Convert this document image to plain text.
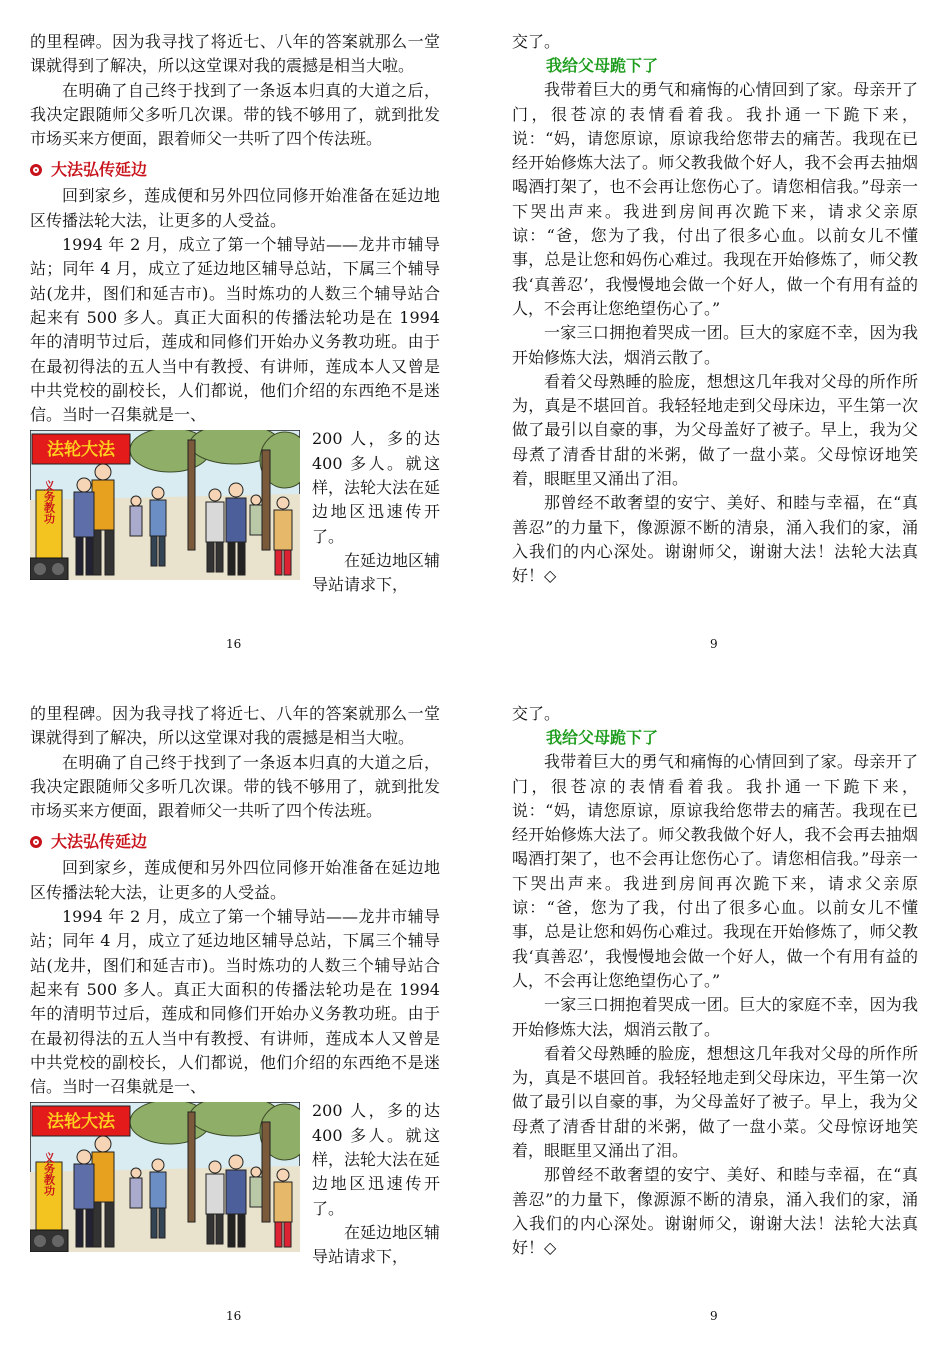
的里程碑。因为我寻找了将近七、八年的答案就那么一堂课就得到了解决，所以这堂课对我的震撼是相当大啦。

在明确了自己终于找到了一条返本归真的大道之后，我决定跟随师父多听几次课。带的钱不够用了，就到批发市场买来方便面，跟着师父一共听了四个传法班。

大法弘传延边

回到家乡，莲成便和另外四位同修开始准备在延边地区传播法轮大法，让更多的人受益。

1994 年 2 月，成立了第一个辅导站——龙井市辅导站；同年 4 月，成立了延边地区辅导总站，下属三个辅导站(龙井，图们和延吉市)。当时炼功的人数三个辅导站合起来有 500 多人。真正大面积的传播法轮功是在 1994 年的清明节过后，莲成和同修们开始办义务教功班。由于在最初得法的五人当中有教授、有讲师，莲成本人又曾是中共党校的副校长，人们都说，他们介绍的东西绝不是迷信。当时一召集就是一、

法轮大法
义务教功

200 人，多的达 400 多人。就这样，法轮大法在延边地区迅速传开了。

在延边地区辅导站请求下，

16

交了。

我给父母跪下了

我带着巨大的勇气和痛悔的心情回到了家。母亲开了门，很苍凉的表情看着我。我扑通一下跪下来，说：“妈，请您原谅，原谅我给您带去的痛苦。我现在已经开始修炼大法了。师父教我做个好人，我不会再去抽烟喝酒打架了，也不会再让您伤心了。请您相信我。”母亲一下哭出声来。我进到房间再次跪下来，请求父亲原谅：“爸，您为了我，付出了很多心血。以前女儿不懂事，总是让您和妈伤心难过。我现在开始修炼了，师父教我‘真善忍’，我慢慢地会做一个好人，做一个有用有益的人，不会再让您绝望伤心了。”

一家三口拥抱着哭成一团。巨大的家庭不幸，因为我开始修炼大法，烟消云散了。

看着父母熟睡的脸庞，想想这几年我对父母的所作所为，真是不堪回首。我轻轻地走到父母床边，平生第一次做了最引以自豪的事，为父母盖好了被子。早上，我为父母煮了清香甘甜的米粥，做了一盘小菜。父母惊讶地笑着，眼眶里又涌出了泪。

那曾经不敢奢望的安宁、美好、和睦与幸福，在“真善忍”的力量下，像源源不断的清泉，涌入我们的家，涌入我们的内心深处。谢谢师父，谢谢大法！法轮大法真好！◇

9

的里程碑。因为我寻找了将近七、八年的答案就那么一堂课就得到了解决，所以这堂课对我的震撼是相当大啦。

在明确了自己终于找到了一条返本归真的大道之后，我决定跟随师父多听几次课。带的钱不够用了，就到批发市场买来方便面，跟着师父一共听了四个传法班。

大法弘传延边

回到家乡，莲成便和另外四位同修开始准备在延边地区传播法轮大法，让更多的人受益。

1994 年 2 月，成立了第一个辅导站——龙井市辅导站；同年 4 月，成立了延边地区辅导总站，下属三个辅导站(龙井，图们和延吉市)。当时炼功的人数三个辅导站合起来有 500 多人。真正大面积的传播法轮功是在 1994 年的清明节过后，莲成和同修们开始办义务教功班。由于在最初得法的五人当中有教授、有讲师，莲成本人又曾是中共党校的副校长，人们都说，他们介绍的东西绝不是迷信。当时一召集就是一、

法轮大法
义务教功

200 人，多的达 400 多人。就这样，法轮大法在延边地区迅速传开了。

在延边地区辅导站请求下，

16

交了。

我给父母跪下了

我带着巨大的勇气和痛悔的心情回到了家。母亲开了门，很苍凉的表情看着我。我扑通一下跪下来，说：“妈，请您原谅，原谅我给您带去的痛苦。我现在已经开始修炼大法了。师父教我做个好人，我不会再去抽烟喝酒打架了，也不会再让您伤心了。请您相信我。”母亲一下哭出声来。我进到房间再次跪下来，请求父亲原谅：“爸，您为了我，付出了很多心血。以前女儿不懂事，总是让您和妈伤心难过。我现在开始修炼了，师父教我‘真善忍’，我慢慢地会做一个好人，做一个有用有益的人，不会再让您绝望伤心了。”

一家三口拥抱着哭成一团。巨大的家庭不幸，因为我开始修炼大法，烟消云散了。

看着父母熟睡的脸庞，想想这几年我对父母的所作所为，真是不堪回首。我轻轻地走到父母床边，平生第一次做了最引以自豪的事，为父母盖好了被子。早上，我为父母煮了清香甘甜的米粥，做了一盘小菜。父母惊讶地笑着，眼眶里又涌出了泪。

那曾经不敢奢望的安宁、美好、和睦与幸福，在“真善忍”的力量下，像源源不断的清泉，涌入我们的家，涌入我们的内心深处。谢谢师父，谢谢大法！法轮大法真好！◇

9
